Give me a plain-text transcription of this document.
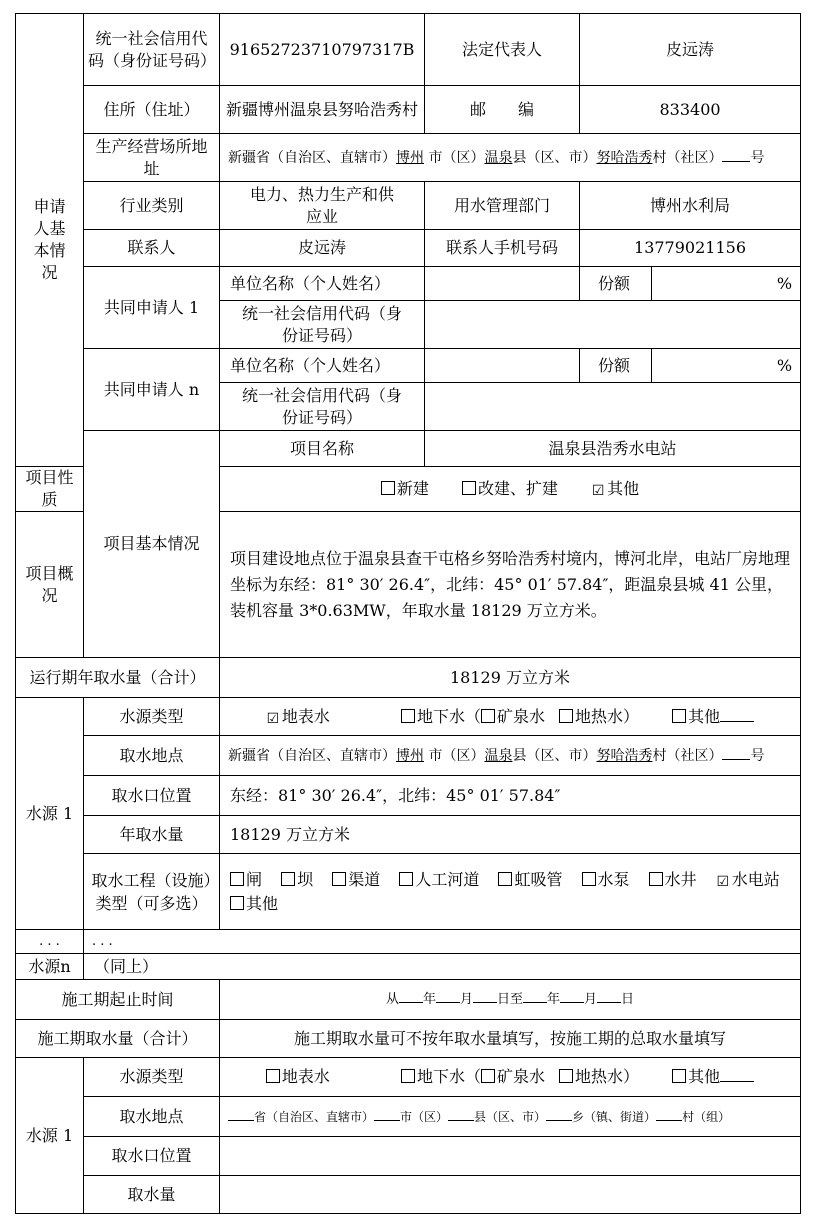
申请人基本情况	统一社会信用代码（身份证号码）	91652723710797317B	法定代表人	皮远涛	
	住所（住址）	新疆博州温泉县努哈浩秀村	邮　　编	833400	
	生产经营场所地址	新疆省（自治区、直辖市）博州 市（区）温泉县（区、市）努哈浩秀村（社区） 号			
	行业类别	电力、热力生产和供应业	用水管理部门	博州水利局	
	联系人	皮远涛	联系人手机号码	13779021156	
	共同申请人 1	单位名称（个人姓名）		份额	%
		统一社会信用代码（身份证号码）			
	共同申请人 n	单位名称（个人姓名）		份额	%
		统一社会信用代码（身份证号码）			
	项目基本情况	项目名称	温泉县浩秀水电站		
项目性质		新建 改建、扩建 ☑ 其他			
项目概况		项目建设地点位于温泉县查干屯格乡努哈浩秀村境内，博河北岸，电站厂房地理坐标为东经：81° 30′ 26.4″，北纬：45° 01′ 57.84″，距温泉县城 41 公里，装机容量 3*0.63MW，年取水量 18129 万立方米。			
运行期年取水量（合计）		18129 万立方米			
水源 1	水源类型	☑ 地表水 地下水（ 矿泉水 地热水） 其他			
	取水地点	新疆省（自治区、直辖市）博州 市（区）温泉县（区、市）努哈浩秀村（社区） 号			
	取水口位置	东经：81° 30′ 26.4″，北纬：45° 01′ 57.84″			
	年取水量	18129 万立方米			
	取水工程（设施）类型（可多选）	闸 坝 渠道 人工河道 虹吸管 水泵 水井 ☑ 水电站
其他			
. . .	. . .				
水源n	（同上）				
施工期起止时间		从 年 月 日至 年 月 日			
施工期取水量（合计）		施工期取水量可不按年取水量填写，按施工期的总取水量填写			
水源 1	水源类型	地表水 地下水（ 矿泉水 地热水） 其他			
	取水地点	省（自治区、直辖市） 市（区） 县（区、市） 乡（镇、街道） 村（组）			
	取水口位置				
	取水量				
